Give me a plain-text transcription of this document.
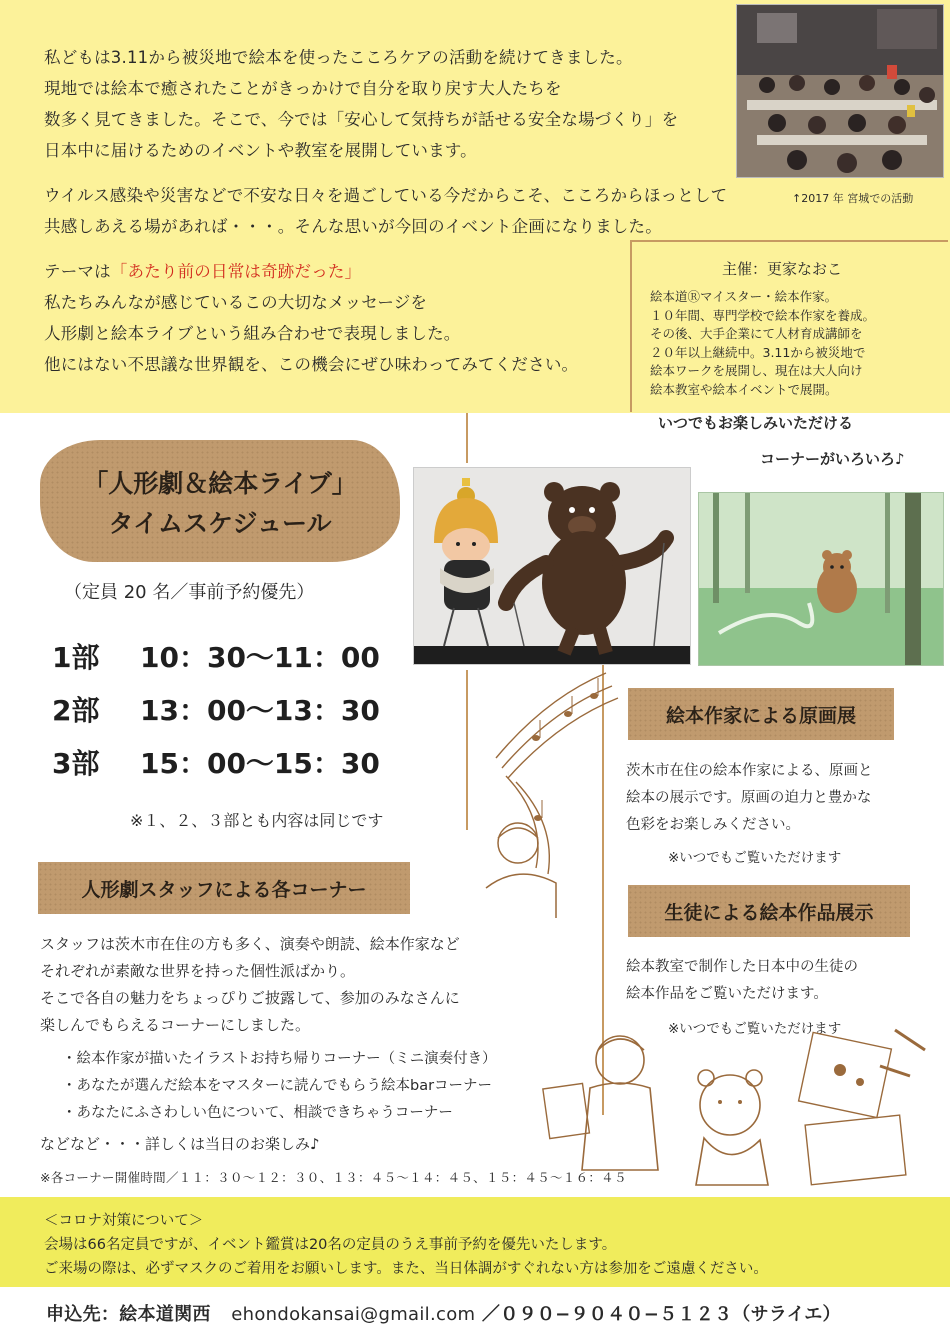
私どもは3.11から被災地で絵本を使ったこころケアの活動を続けてきました。

現地では絵本で癒されたことがきっかけで自分を取り戻す大人たちを

数多く見てきました。そこで、今では「安心して気持ちが話せる安全な場づくり」を

日本中に届けるためのイベントや教室を展開しています。

ウイルス感染や災害などで不安な日々を過ごしている今だからこそ、こころからほっとして

共感しあえる場があれば・・・。そんな思いが今回のイベント企画になりました。

テーマは「あたり前の日常は奇跡だった」

私たちみんなが感じているこの大切なメッセージを

人形劇と絵本ライブという組み合わせで表現しました。

他にはない不思議な世界観を、この機会にぜひ味わってみてください。

↑2017 年 宮城での活動
主催：更家なおこ

絵本道Ⓡマイスター・絵本作家。

１０年間、専門学校で絵本作家を養成。

その後、大手企業にて人材育成講師を

２０年以上継続中。3.11から被災地で

絵本ワークを展開し、現在は大人向け

絵本教室や絵本イベントで展開。

「人形劇＆絵本ライブ」

タイムスケジュール

（定員 20 名／事前予約優先）
1部 10：30〜11：00
2部 13：00〜13：30
3部 15：00〜15：30
※１、２、３部とも内容は同じです
いつでもお楽しみいただける
コーナーがいろいろ♪
絵本作家による原画展

茨木市在住の絵本作家による、原画と

絵本の展示です。原画の迫力と豊かな

色彩をお楽しみください。

※いつでもご覧いただけます
生徒による絵本作品展示

絵本教室で制作した日本中の生徒の

絵本作品をご覧いただけます。

※いつでもご覧いただけます
人形劇スタッフによる各コーナー

スタッフは茨木市在住の方も多く、演奏や朗読、絵本作家など

それぞれが素敵な世界を持った個性派ばかり。

そこで各自の魅力をちょっぴりご披露して、参加のみなさんに

楽しんでもらえるコーナーにしました。

・絵本作家が描いたイラストお持ち帰りコーナー（ミニ演奏付き）

・あなたが選んだ絵本をマスターに読んでもらう絵本barコーナー

・あなたにふさわしい色について、相談できちゃうコーナー

などなど・・・詳しくは当日のお楽しみ♪
※各コーナー開催時間／１１：３０〜１２：３０、１３：４５〜１４：４５、１５：４５〜１６：４５

＜コロナ対策について＞

会場は66名定員ですが、イベント鑑賞は20名の定員のうえ事前予約を優先いたします。

ご来場の際は、必ずマスクのご着用をお願いします。また、当日体調がすぐれない方は参加をご遠慮ください。

申込先：絵本道関西 ehondokansai@gmail.com ／０９０−９０４０−５１２３（サライエ）
